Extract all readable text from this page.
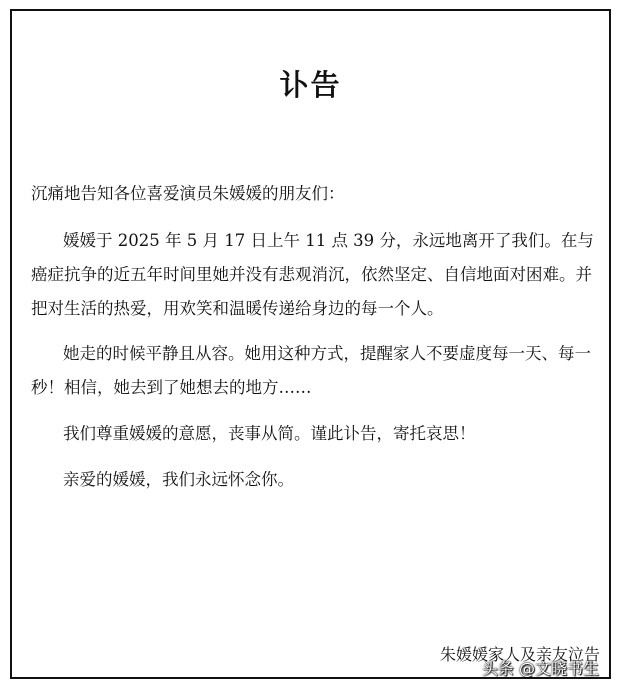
讣告
沉痛地告知各位喜爱演员朱媛媛的朋友们：

媛媛于 2025 年 5 月 17 日上午 11 点 39 分，永远地离开了我们。在与癌症抗争的近五年时间里她并没有悲观消沉，依然坚定、自信地面对困难。并把对生活的热爱，用欢笑和温暖传递给身边的每一个人。

她走的时候平静且从容。她用这种方式，提醒家人不要虚度每一天、每一秒！相信，她去到了她想去的地方……

我们尊重媛媛的意愿，丧事从简。谨此讣告，寄托哀思！

亲爱的媛媛，我们永远怀念你。

朱媛媛家人及亲友泣告
头条 @文晓书生
